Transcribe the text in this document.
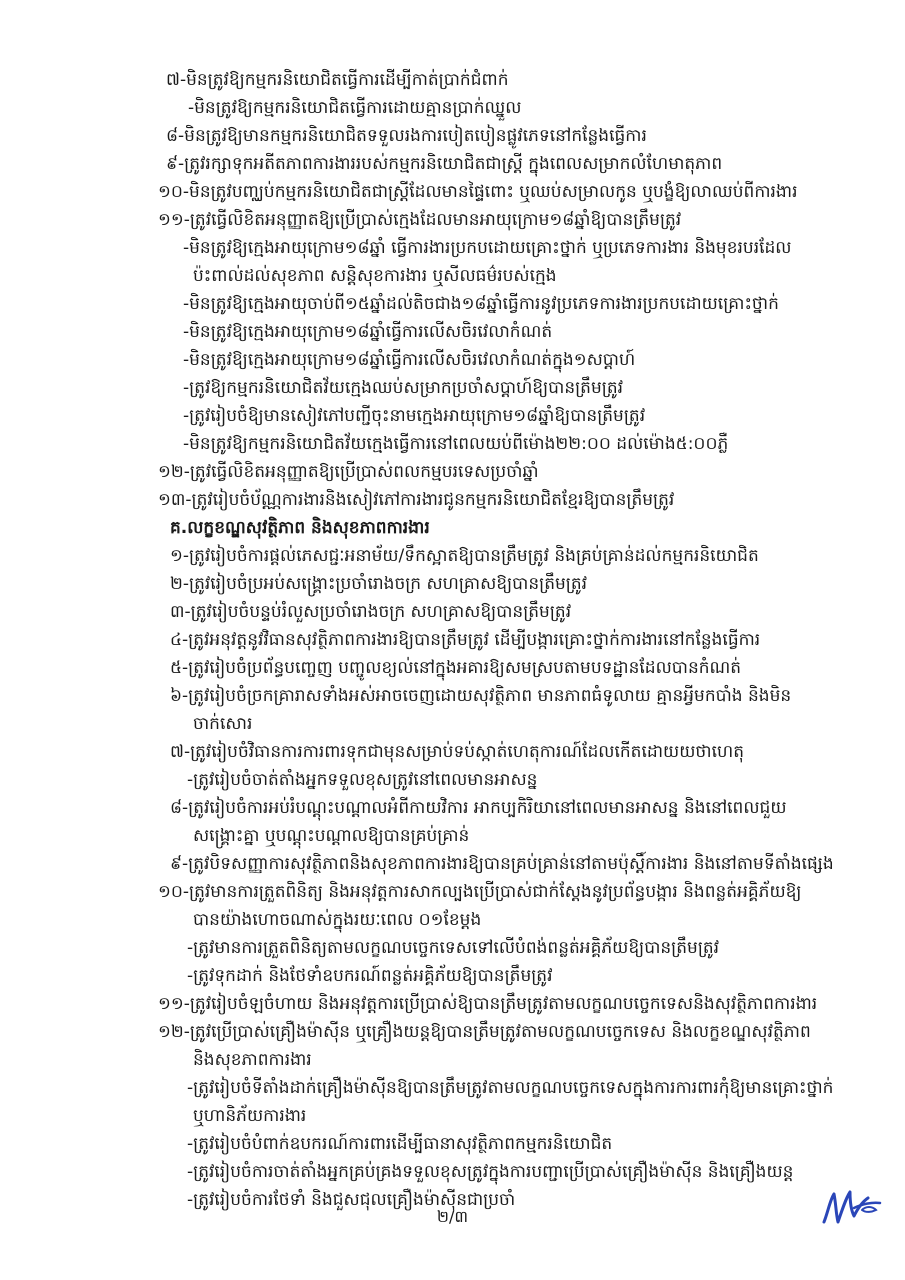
៧-មិនត្រូវឱ្យកម្មករនិយោជិតធ្វើការដើម្បីកាត់ប្រាក់ជំពាក់
-មិនត្រូវឱ្យកម្មករនិយោជិតធ្វើការដោយគ្មានប្រាក់ឈ្នួល
៨-មិនត្រូវឱ្យមានកម្មករនិយោជិតទទួលរងការបៀតបៀនផ្លូវភេទនៅកន្លែងធ្វើការ
៩-ត្រូវរក្សាទុកអតីតភាពការងាររបស់កម្មករនិយោជិតជាស្ត្រី ក្នុងពេលសម្រាកលំហែមាតុភាព
១០-មិនត្រូវបញ្ឈប់កម្មករនិយោជិតជាស្ត្រីដែលមានផ្ទៃពោះ ឬឈប់សម្រាលកូន ឬបង្ខំឱ្យលាឈប់ពីការងារ
១១-ត្រូវធ្វើលិខិតអនុញ្ញាតឱ្យប្រើប្រាស់ក្មេងដែលមានអាយុក្រោម១៨ឆ្នាំឱ្យបានត្រឹមត្រូវ
-មិនត្រូវឱ្យក្មេងអាយុក្រោម១៨ឆ្នាំ ធ្វើការងារប្រកបដោយគ្រោះថ្នាក់ ឬប្រភេទការងារ និងមុខរបរដែល
ប៉ះពាល់ដល់សុខភាព សន្តិសុខការងារ ឬសីលធម៌របស់ក្មេង
-មិនត្រូវឱ្យក្មេងអាយុចាប់ពី១៥ឆ្នាំដល់តិចជាង១៨ឆ្នាំធ្វើការនូវប្រភេទការងារប្រកបដោយគ្រោះថ្នាក់
-មិនត្រូវឱ្យក្មេងអាយុក្រោម១៨ឆ្នាំធ្វើការលើសចិរវេលាកំណត់
-មិនត្រូវឱ្យក្មេងអាយុក្រោម១៨ឆ្នាំធ្វើការលើសចិរវេលាកំណត់ក្នុង១សប្តាហ៍
-ត្រូវឱ្យកម្មករនិយោជិតវ័យក្មេងឈប់សម្រាកប្រចាំសប្តាហ៍ឱ្យបានត្រឹមត្រូវ
-ត្រូវរៀបចំឱ្យមានសៀវភៅបញ្ជីចុះនាមក្មេងអាយុក្រោម១៨ឆ្នាំឱ្យបានត្រឹមត្រូវ
-មិនត្រូវឱ្យកម្មករនិយោជិតវ័យក្មេងធ្វើការនៅពេលយប់ពីម៉ោង២២:០០ ដល់ម៉ោង៥:០០ភ្លឺ
១២-ត្រូវធ្វើលិខិតអនុញ្ញាតឱ្យប្រើប្រាស់ពលកម្មបរទេសប្រចាំឆ្នាំ
១៣-ត្រូវរៀបចំប័ណ្ណការងារនិងសៀវភៅការងារជូនកម្មករនិយោជិតខ្មែរឱ្យបានត្រឹមត្រូវ
គ.លក្ខខណ្ឌសុវត្ថិភាព និងសុខភាពការងារ
១-ត្រូវរៀបចំការផ្តល់ភេសជ្ជៈអនាម័យ/ទឹកស្អាតឱ្យបានត្រឹមត្រូវ និងគ្រប់គ្រាន់ដល់កម្មករនិយោជិត
២-ត្រូវរៀបចំប្រអប់សង្គ្រោះប្រចាំរោងចក្រ សហគ្រាសឱ្យបានត្រឹមត្រូវ
៣-ត្រូវរៀបចំបន្ទប់រំលួសប្រចាំរោងចក្រ សហគ្រាសឱ្យបានត្រឹមត្រូវ
៤-ត្រូវអនុវត្តនូវវិធានសុវត្ថិភាពការងារឱ្យបានត្រឹមត្រូវ ដើម្បីបង្ការគ្រោះថ្នាក់ការងារនៅកន្លែងធ្វើការ
៥-ត្រូវរៀបចំប្រព័ន្ធបញ្ចេញ បញ្ចូលខ្យល់នៅក្នុងអគារឱ្យសមស្របតាមបទដ្ឋានដែលបានកំណត់
៦-ត្រូវរៀបចំច្រកគ្រារាសទាំងអស់អាចចេញដោយសុវត្ថិភាព មានភាពធំទូលាយ គ្មានអ្វីមកបាំង និងមិន
ចាក់សោរ
៧-ត្រូវរៀបចំវិធានការការពារទុកជាមុនសម្រាប់ទប់ស្កាត់ហេតុការណ៍ដែលកើតដោយយថាហេតុ
-ត្រូវរៀបចំចាត់តាំងអ្នកទទួលខុសត្រូវនៅពេលមានអាសន្ន
៨-ត្រូវរៀបចំការអប់រំបណ្តុះបណ្តាលអំពីកាយវិការ អាកប្បកិរិយានៅពេលមានអាសន្ន និងនៅពេលជួយ
សង្គ្រោះគ្នា ឬបណ្តុះបណ្តាលឱ្យបានគ្រប់គ្រាន់
៩-ត្រូវបិទសញ្ញាការសុវត្ថិភាពនិងសុខភាពការងារឱ្យបានគ្រប់គ្រាន់នៅតាមប៉ុស្តិ៍ការងារ និងនៅតាមទីតាំងផ្សេង
១០-ត្រូវមានការត្រួតពិនិត្យ និងអនុវត្តការសាកល្បងប្រើប្រាស់ជាក់ស្តែងនូវប្រព័ន្ធបង្ការ និងពន្លត់អគ្គិភ័យឱ្យ
បានយ៉ាងហោចណាស់ក្នុងរយៈពេល ០១ខែម្តង
-ត្រូវមានការត្រួតពិនិត្យតាមលក្ខណបច្ចេកទេសទៅលើបំពង់ពន្លត់អគ្គិភ័យឱ្យបានត្រឹមត្រូវ
-ត្រូវទុកដាក់ និងថែទាំឧបករណ៍ពន្លត់អគ្គិភ័យឱ្យបានត្រឹមត្រូវ
១១-ត្រូវរៀបចំឡចំហាយ និងអនុវត្តការប្រើប្រាស់ឱ្យបានត្រឹមត្រូវតាមលក្ខណបច្ចេកទេសនិងសុវត្ថិភាពការងារ
១២-ត្រូវប្រើប្រាស់គ្រឿងម៉ាស៊ីន ឬគ្រឿងយន្តឱ្យបានត្រឹមត្រូវតាមលក្ខណបច្ចេកទេស និងលក្ខខណ្ឌសុវត្ថិភាព
និងសុខភាពការងារ
-ត្រូវរៀបចំទីតាំងដាក់គ្រឿងម៉ាស៊ីនឱ្យបានត្រឹមត្រូវតាមលក្ខណបច្ចេកទេសក្នុងការការពារកុំឱ្យមានគ្រោះថ្នាក់
ឬហានិភ័យការងារ
-ត្រូវរៀបចំបំពាក់ឧបករណ៍ការពារដើម្បីធានាសុវត្ថិភាពកម្មករនិយោជិត
-ត្រូវរៀបចំការចាត់តាំងអ្នកគ្រប់គ្រងទទួលខុសត្រូវក្នុងការបញ្ជាប្រើប្រាស់គ្រឿងម៉ាស៊ីន និងគ្រឿងយន្ត
-ត្រូវរៀបចំការថែទាំ និងជួសជុលគ្រឿងម៉ាស៊ីនជាប្រចាំ
២/៣
